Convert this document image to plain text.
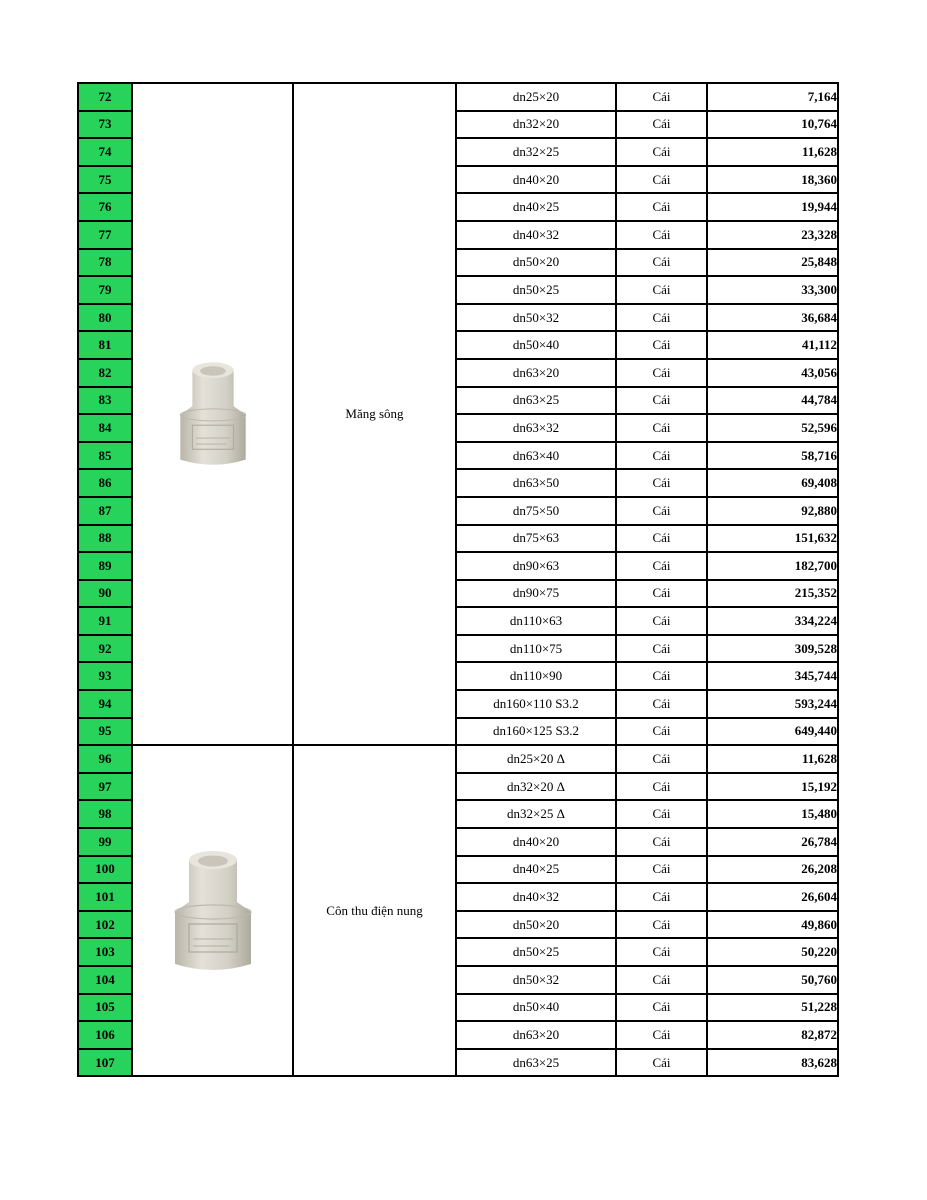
72		Măng sông	dn25×20	Cái	7,164
73			dn32×20	Cái	10,764
74			dn32×25	Cái	11,628
75			dn40×20	Cái	18,360
76			dn40×25	Cái	19,944
77			dn40×32	Cái	23,328
78			dn50×20	Cái	25,848
79			dn50×25	Cái	33,300
80			dn50×32	Cái	36,684
81			dn50×40	Cái	41,112
82			dn63×20	Cái	43,056
83			dn63×25	Cái	44,784
84			dn63×32	Cái	52,596
85			dn63×40	Cái	58,716
86			dn63×50	Cái	69,408
87			dn75×50	Cái	92,880
88			dn75×63	Cái	151,632
89			dn90×63	Cái	182,700
90			dn90×75	Cái	215,352
91			dn110×63	Cái	334,224
92			dn110×75	Cái	309,528
93			dn110×90	Cái	345,744
94			dn160×110 S3.2	Cái	593,244
95			dn160×125 S3.2	Cái	649,440
96		Côn thu điện nung	dn25×20 Δ	Cái	11,628
97			dn32×20 Δ	Cái	15,192
98			dn32×25 Δ	Cái	15,480
99			dn40×20	Cái	26,784
100			dn40×25	Cái	26,208
101			dn40×32	Cái	26,604
102			dn50×20	Cái	49,860
103			dn50×25	Cái	50,220
104			dn50×32	Cái	50,760
105			dn50×40	Cái	51,228
106			dn63×20	Cái	82,872
107			dn63×25	Cái	83,628
